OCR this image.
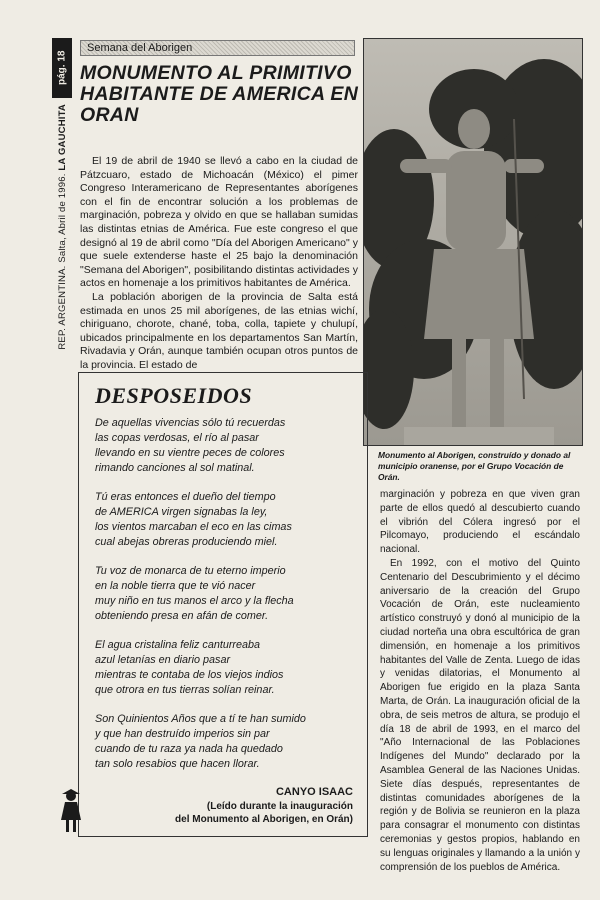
pág. 18
REP. ARGENTINA. Salta, Abril de 1996. LA GAUCHITA
Semana del Aborigen
MONUMENTO AL PRIMITIVO HABITANTE DE AMERICA EN ORAN

El 19 de abril de 1940 se llevó a cabo en la ciudad de Pátzcuaro, estado de Michoacán (México) el pimer Congreso Interamericano de Representantes aborígenes con el fin de encontrar solución a los problemas de marginación, pobreza y olvido en que se hallaban sumidas las distintas etnias de América. Fue este congreso el que designó al 19 de abril como "Día del Aborigen Americano" y que suele extenderse haste el 25 bajo la denominación "Semana del Aborigen", posibilitando distintas actividades y actos en homenaje a los primitivos habitantes de América.

La población aborigen de la provincia de Salta está estimada en unos 25 mil aborígenes, de las etnias wichí, chiriguano, chorote, chané, toba, colla, tapiete y chulupí, ubicados principalmente en los departamentos San Martín, Rivadavia y Orán, aunque también ocupan otros puntos de la provincia. El estado de

Monumento al Aborigen, construído y donado al municipio oranense, por el Grupo Vocación de Orán.

DESPOSEIDOS
De aquellas vivencias sólo tú recuerdas
las copas verdosas, el río al pasar
llevando en su vientre peces de colores
rimando canciones al sol matinal.
Tú eras entonces el dueño del tiempo
de AMERICA virgen signabas la ley,
los vientos marcaban el eco en las cimas
cual abejas obreras produciendo miel.
Tu voz de monarca de tu eterno imperio
en la noble tierra que te vió nacer
muy niño en tus manos el arco y la flecha
obteniendo presa en afán de comer.
El agua cristalina feliz canturreaba
azul letanías en diario pasar
mientras te contaba de los viejos indios
que otrora en tus tierras solían reinar.
Son Quinientos Años que a tí te han sumido
y que han destruído imperios sin par
cuando de tu raza ya nada ha quedado
tan solo resabios que hacen llorar.
CANYO ISAAC
(Leído durante la inauguración
del Monumento al Aborigen, en Orán)

marginación y pobreza en que viven gran parte de ellos quedó al descubierto cuando el vibrión del Cólera ingresó por el Pilcomayo, produciendo el escándalo nacional.

En 1992, con el motivo del Quinto Centenario del Descubrimiento y el décimo aniversario de la creación del Grupo Vocación de Orán, este nucleamiento artístico construyó y donó al municipio de la ciudad norteña una obra escultórica de gran dimensión, en homenaje a los primitivos habitantes del Valle de Zenta. Luego de idas y venidas dilatorias, el Monumento al Aborigen fue erigido en la plaza Santa Marta, de Orán. La inauguración oficial de la obra, de seis metros de altura, se produjo el día 18 de abril de 1993, en el marco del "Año Internacional de las Poblaciones Indígenes del Mundo" declarado por la Asamblea General de las Naciones Unidas. Siete días después, representantes de distintas comunidades aborígenes de la región y de Bolivia se reunieron en la plaza para consagrar el monumento con distintas ceremonias y gestos propios, hablando en su lenguas originales y llamando a la unión y comprensión de los pueblos de América.
